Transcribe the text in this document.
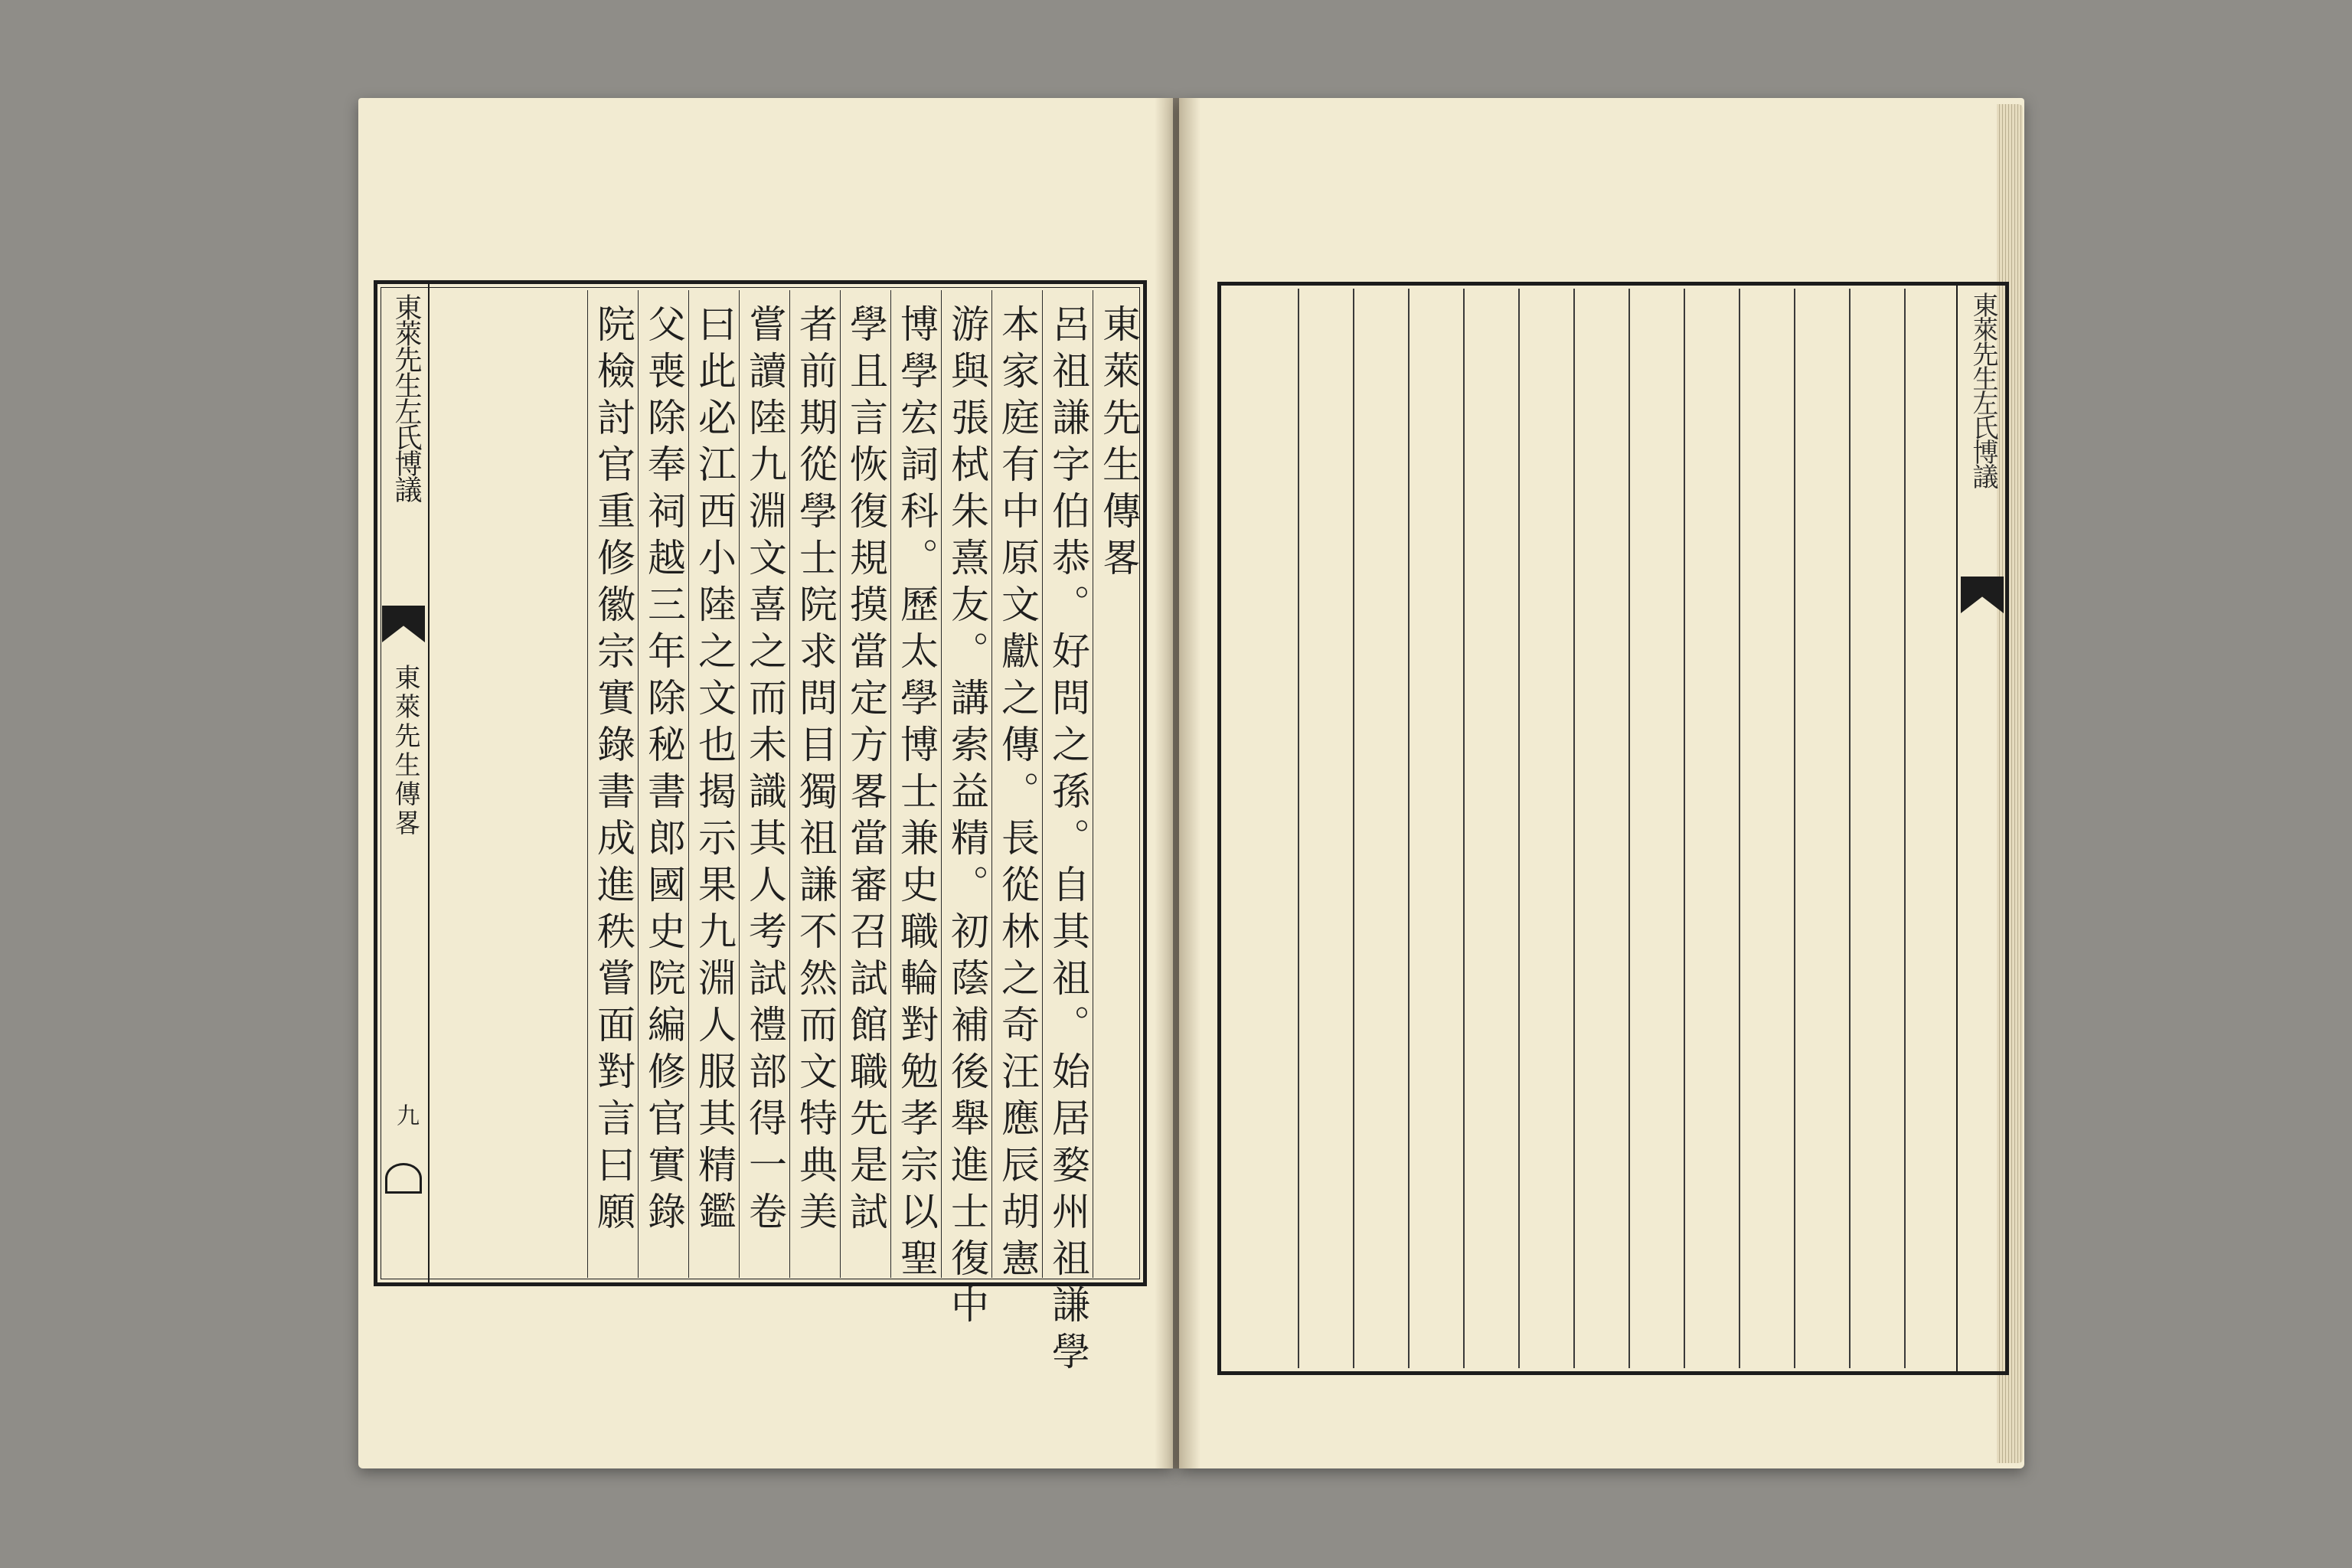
東萊先生傳畧
呂祖謙字伯恭。好問之孫。自其祖。始居婺州祖謙學
本家庭有中原文獻之傳。長從林之奇汪應辰胡憲
游與張栻朱熹友。講索益精。初蔭補後舉進士復中
博學宏詞科。歷太學博士兼史職輪對勉孝宗以聖
學且言恢復規摸當定方畧當審召試館職先是試
者前期從學士院求問目獨祖謙不然而文特典美
嘗讀陸九淵文喜之而未識其人考試禮部得一卷
曰此必江西小陸之文也揭示果九淵人服其精鑑
父喪除奉祠越三年除秘書郎國史院編修官實錄
院檢討官重修徽宗實錄書成進秩嘗面對言曰願
東萊先生左氏博議
東萊先生傳畧
九
東萊先生左氏博議
